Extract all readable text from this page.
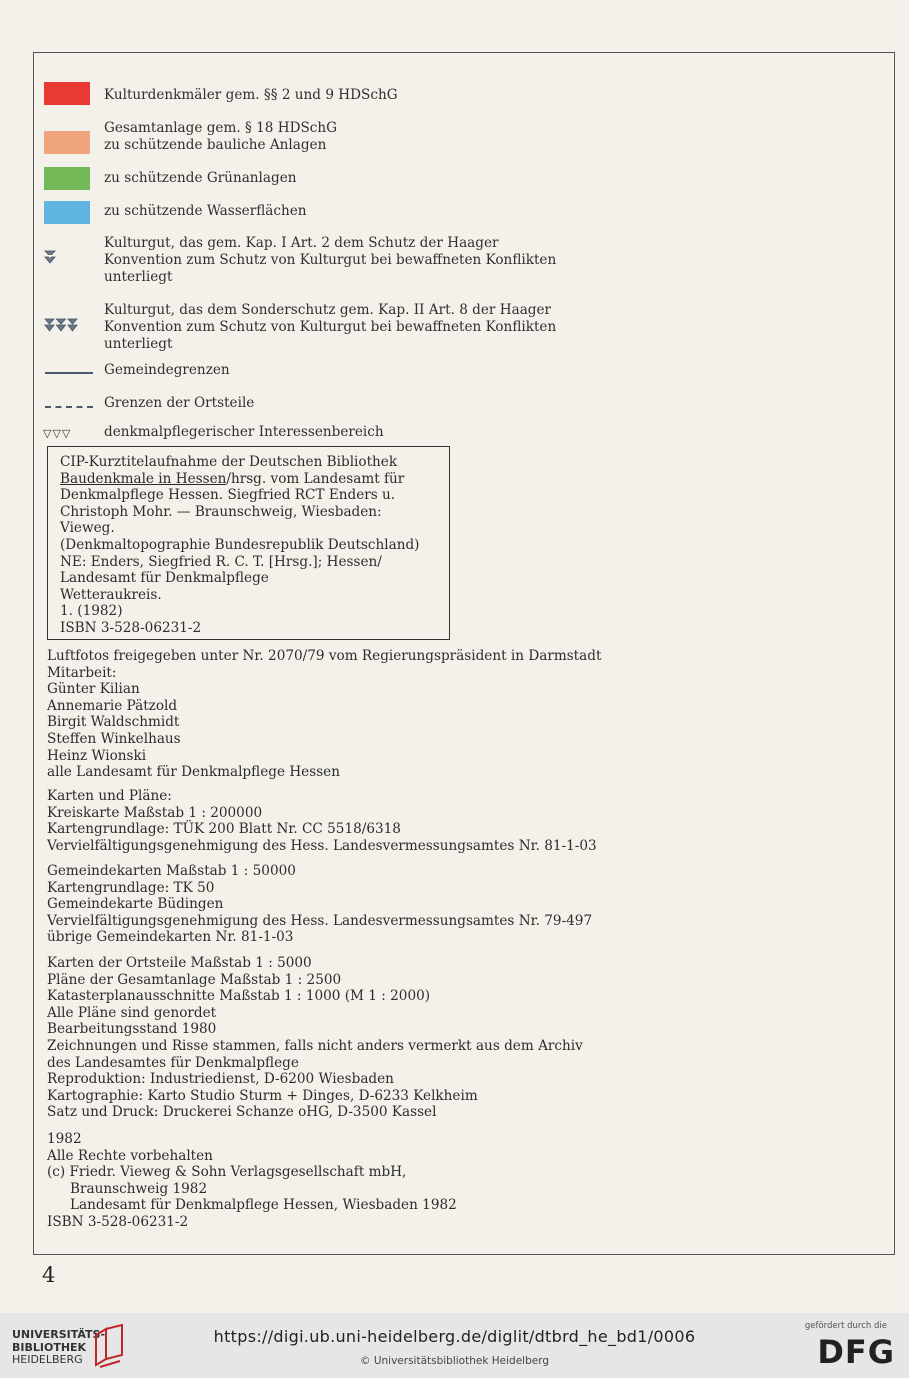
Kulturdenkmäler gem. §§ 2 und 9 HDSchG
Gesamtanlage gem. § 18 HDSchG
zu schützende bauliche Anlagen
zu schützende Grünanlagen
zu schützende Wasserflächen
Kulturgut, das gem. Kap. I Art. 2 dem Schutz der Haager
Konvention zum Schutz von Kulturgut bei bewaffneten Konflikten
unterliegt
Kulturgut, das dem Sonderschutz gem. Kap. II Art. 8 der Haager
Konvention zum Schutz von Kulturgut bei bewaffneten Konflikten
unterliegt
Gemeindegrenzen
Grenzen der Ortsteile
▽▽▽ denkmalpflegerischer Interessenbereich
CIP-Kurztitelaufnahme der Deutschen Bibliothek
Baudenkmale in Hessen/hrsg. vom Landesamt für
Denkmalpflege Hessen. Siegfried RCT Enders u.
Christoph Mohr. — Braunschweig, Wiesbaden:
Vieweg.
(Denkmaltopographie Bundesrepublik Deutschland)
NE: Enders, Siegfried R. C. T. [Hrsg.]; Hessen/
Landesamt für Denkmalpflege
Wetteraukreis.
1. (1982)
ISBN 3-528-06231-2
Luftfotos freigegeben unter Nr. 2070/79 vom Regierungspräsident in Darmstadt
Mitarbeit:
Günter Kilian
Annemarie Pätzold
Birgit Waldschmidt
Steffen Winkelhaus
Heinz Wionski
alle Landesamt für Denkmalpflege Hessen
Karten und Pläne:
Kreiskarte Maßstab 1 : 200000
Kartengrundlage: TÜK 200 Blatt Nr. CC 5518/6318
Vervielfältigungsgenehmigung des Hess. Landesvermessungsamtes Nr. 81-1-03
Gemeindekarten Maßstab 1 : 50000
Kartengrundlage: TK 50
Gemeindekarte Büdingen
Vervielfältigungsgenehmigung des Hess. Landesvermessungsamtes Nr. 79-497
übrige Gemeindekarten Nr. 81-1-03
Karten der Ortsteile Maßstab 1 : 5000
Pläne der Gesamtanlage Maßstab 1 : 2500
Katasterplanausschnitte Maßstab 1 : 1000 (M 1 : 2000)
Alle Pläne sind genordet
Bearbeitungsstand 1980
Zeichnungen und Risse stammen, falls nicht anders vermerkt aus dem Archiv
des Landesamtes für Denkmalpflege
Reproduktion: Industriedienst, D-6200 Wiesbaden
Kartographie: Karto Studio Sturm + Dinges, D-6233 Kelkheim
Satz und Druck: Druckerei Schanze oHG, D-3500 Kassel
1982
Alle Rechte vorbehalten
(c) Friedr. Vieweg & Sohn Verlagsgesellschaft mbH,
Braunschweig 1982
Landesamt für Denkmalpflege Hessen, Wiesbaden 1982
ISBN 3-528-06231-2
4
UNIVERSITÄTS-
BIBLIOTHEK
HEIDELBERG
https://digi.ub.uni-heidelberg.de/diglit/dtbrd_he_bd1/0006
© Universitätsbibliothek Heidelberg
gefördert durch die
DFG
